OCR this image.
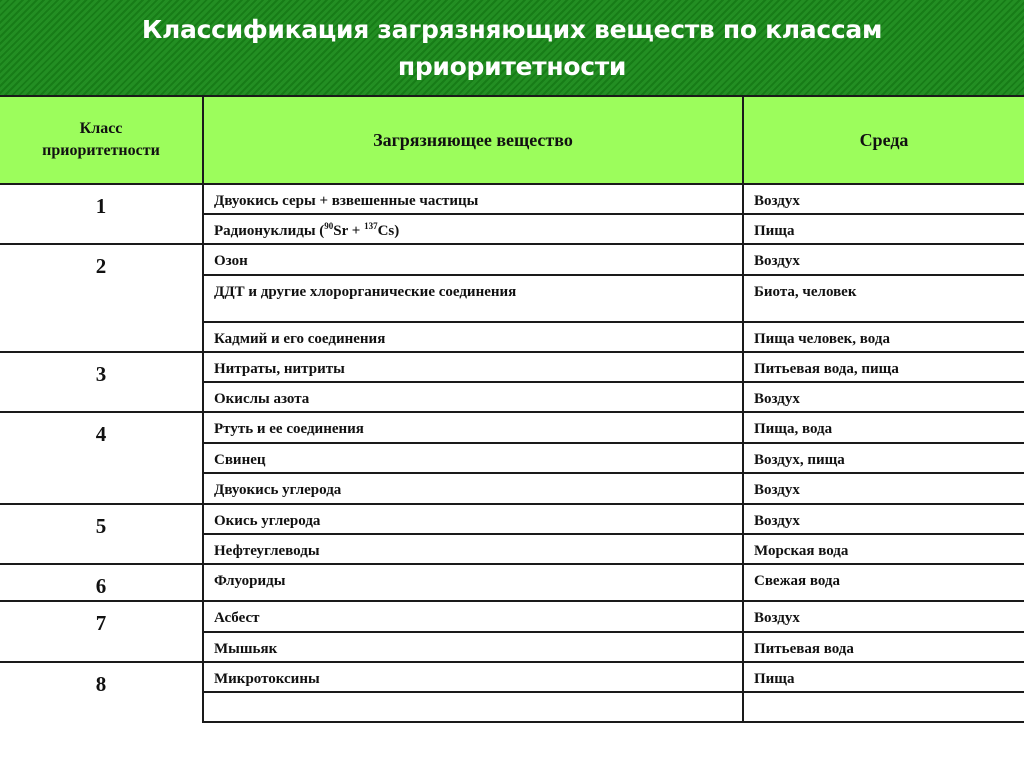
Классификация загрязняющих веществ по классам
приоритетности
Класс
приоритетности	Загрязняющее вещество	Среда
1	Двуокись серы + взвешенные частицы	Воздух
	Радионуклиды ($^{90}$Sr + $^{137}$Cs)	Пища
2	Озон	Воздух
	ДДТ и другие хлорорганические соединения	Биота, человек
	Кадмий и его соединения	Пища человек, вода
3	Нитраты, нитриты	Питьевая вода, пища
	Окислы азота	Воздух
4	Ртуть и ее соединения	Пища, вода
	Свинец	Воздух, пища
	Двуокись углерода	Воздух
5	Окись углерода	Воздух
	Нефтеуглеводы	Морская вода
6	Флуориды	Свежая вода
7	Асбест	Воздух
	Мышьяк	Питьевая вода
8	Микротоксины	Пища
